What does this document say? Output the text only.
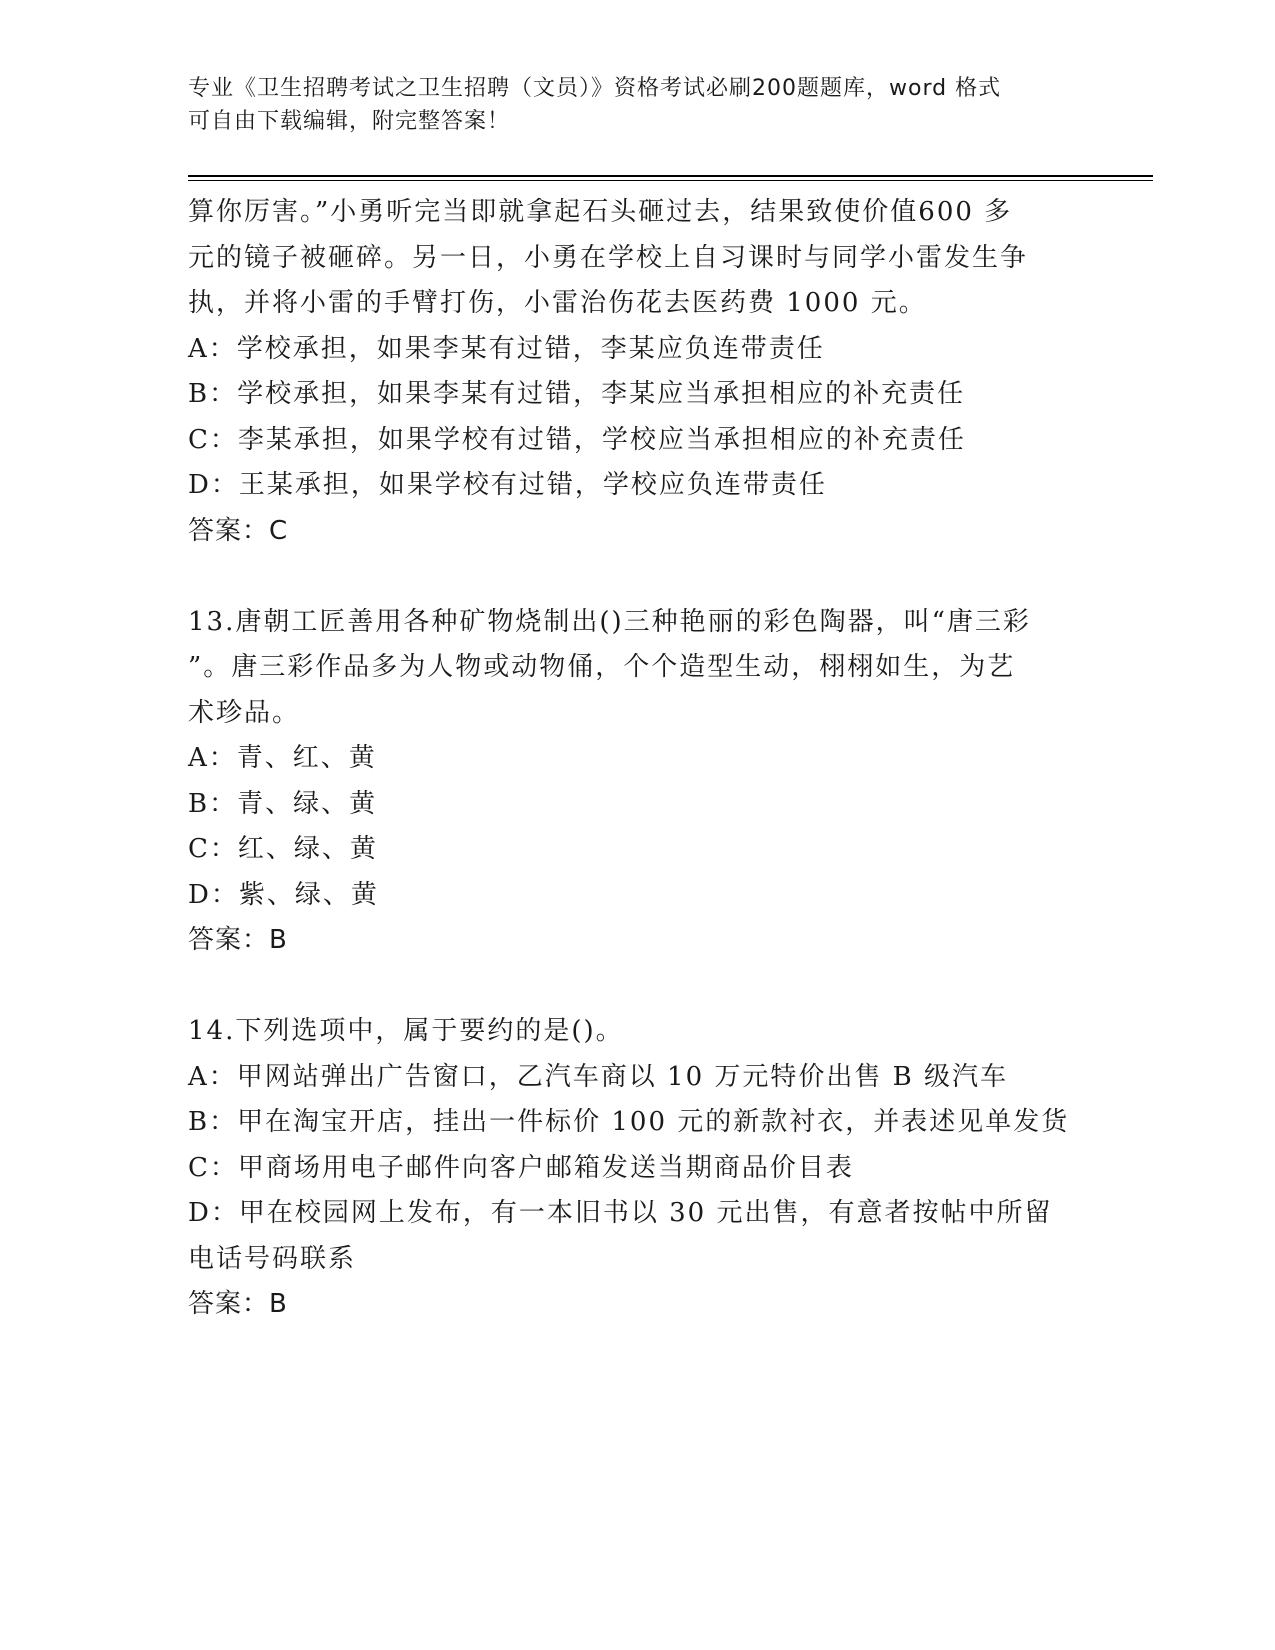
专业《卫生招聘考试之卫生招聘（文员）》资格考试必刷200题题库，word 格式
可自由下载编辑，附完整答案！
算你厉害。”小勇听完当即就拿起石头砸过去，结果致使价值600 多
元的镜子被砸碎。另一日，小勇在学校上自习课时与同学小雷发生争
执，并将小雷的手臂打伤，小雷治伤花去医药费 1000 元。
A：学校承担，如果李某有过错，李某应负连带责任
B：学校承担，如果李某有过错，李某应当承担相应的补充责任
C：李某承担，如果学校有过错，学校应当承担相应的补充责任
D：王某承担，如果学校有过错，学校应负连带责任
答案：C
13.唐朝工匠善用各种矿物烧制出()三种艳丽的彩色陶器，叫“唐三彩
”。唐三彩作品多为人物或动物俑，个个造型生动，栩栩如生，为艺
术珍品。
A：青、红、黄
B：青、绿、黄
C：红、绿、黄
D：紫、绿、黄
答案：B
14.下列选项中，属于要约的是()。
A：甲网站弹出广告窗口，乙汽车商以 10 万元特价出售 B 级汽车
B：甲在淘宝开店，挂出一件标价 100 元的新款衬衣，并表述见单发货
C：甲商场用电子邮件向客户邮箱发送当期商品价目表
D：甲在校园网上发布，有一本旧书以 30 元出售，有意者按帖中所留
电话号码联系
答案：B
